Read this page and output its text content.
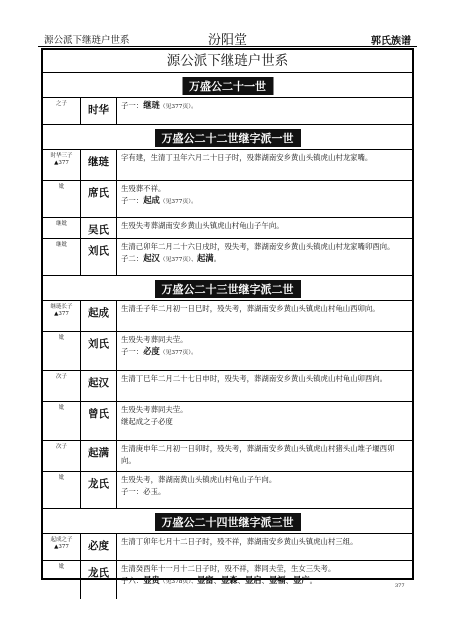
源公派下继琏户世系	汾阳堂	郭氏族谱
源公派下继琏户世系
万盛公二十一世
之子	时华	子一：继琏（见377页）。
万盛公二十二世继字派一世
时华三子▲377	继琏	字有建，生清丁丑年六月二十日子时，殁葬湖南安乡黄山头镇虎山村龙家嘴。
妣	席氏	生殁葬不祥。
子一：起成（见377页）。
继妣	吴氏	生殁失考葬湖南安乡黄山头镇虎山村龟山子午向。
继妣	刘氏	生清己卯年二月二十六日戌时，殁失考，葬湖南安乡黄山头镇虎山村龙家嘴卯酉向。
子二：起汉（见377页）、起满。
万盛公二十三世继字派二世
继琏长子▲377	起成	生清壬子年二月初一日巳时，殁失考，葬湖南安乡黄山头镇虎山村龟山西卯向。
妣	刘氏	生殁失考葬同夫茔。
子一：必度（见377页）。
次子	起汉	生清丁巳年二月二十七日申时，殁失考，葬湖南安乡黄山头镇虎山村龟山卯酉向。
妣	曾氏	生殁失考葬同夫茔。
继起成之子必度
次子	起满	生清庚申年二月初一日卯时，殁失考，葬湖南安乡黄山头镇虎山村猪头山堆子堰西卯向。
妣	龙氏	生殁失考，葬湖南黄山头镇虎山村龟山子午向。
子一：必玉。
万盛公二十四世继字派三世
起成之子▲377	必度	生清丁卯年七月十二日子时，殁不祥，葬湖南安乡黄山头镇虎山村三组。
妣	龙氏	生清癸酉年十一月十二日子时，殁不祥，葬同夫茔，生女三失考。
子六：显贵（见378页）、显富、显森、显启、显福、显广。
377
